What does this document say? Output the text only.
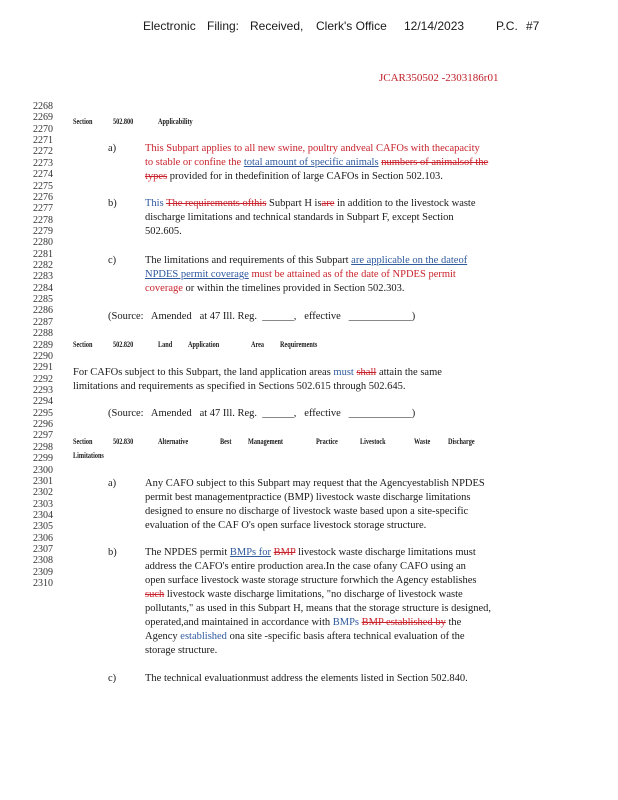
Electronic Filing: Received, Clerk's Office 12/14/2023	P.C. #7
JCAR350502 -2303186r01
2268
2269
2270
2271
2272
2273
2274
2275
2276
2277
2278
2279
2280
2281
2282
2283
2284
2285
2286
2287
2288
2289
2290
2291
2292
2293
2294
2295
2296
2297
2298
2299
2300
2301
2302
2303
2304
2305
2306
2307
2308
2309
2310
Section	502.800	Applicability
a)	This Subpart applies to all new swine, poultry andveal CAFOs with thecapacity
to stable or confine the total amount of specific animals numbers of animalsof the
types provided for in thedefinition of large CAFOs in Section 502.103.
b)	This The requirements ofthis Subpart H isare in addition to the livestock waste
discharge limitations and technical standards in Subpart F, except Section
502.605.
c)	The limitations and requirements of this Subpart are applicable on the dateof
NPDES permit coverage must be attained as of the date of NPDES permit
coverage or within the timelines provided in Section 502.303.
(Source: Amended at 47 Ill. Reg. ______, effective ____________)
Section	502.820	Land Application	Area Requirements
For CAFOs subject to this Subpart, the land application areas must shall attain the same
limitations and requirements as specified in Sections 502.615 through 502.645.
(Source: Amended at 47 Ill. Reg. ______, effective ____________)
Section	502.830	Alternative	Best Management	Practice	Livestock	Waste Discharge
Limitations
a)	Any CAFO subject to this Subpart may request that the Agencyestablish NPDES
permit best managementpractice (BMP) livestock waste discharge limitations
designed to ensure no discharge of livestock waste based upon a site-specific
evaluation of the CAF O's open surface livestock storage structure.
b)	The NPDES permit BMPs for BMP livestock waste discharge limitations must
address the CAFO's entire production area.In the case ofany CAFO using an
open surface livestock waste storage structure forwhich the Agency establishes
such livestock waste discharge limitations, "no discharge of livestock waste
pollutants," as used in this Subpart H, means that the storage structure is designed,
operated,and maintained in accordance with BMPs BMP established by the
Agency established ona site -specific basis aftera technical evaluation of the
storage structure.
c)	The technical evaluationmust address the elements listed in Section 502.840.
